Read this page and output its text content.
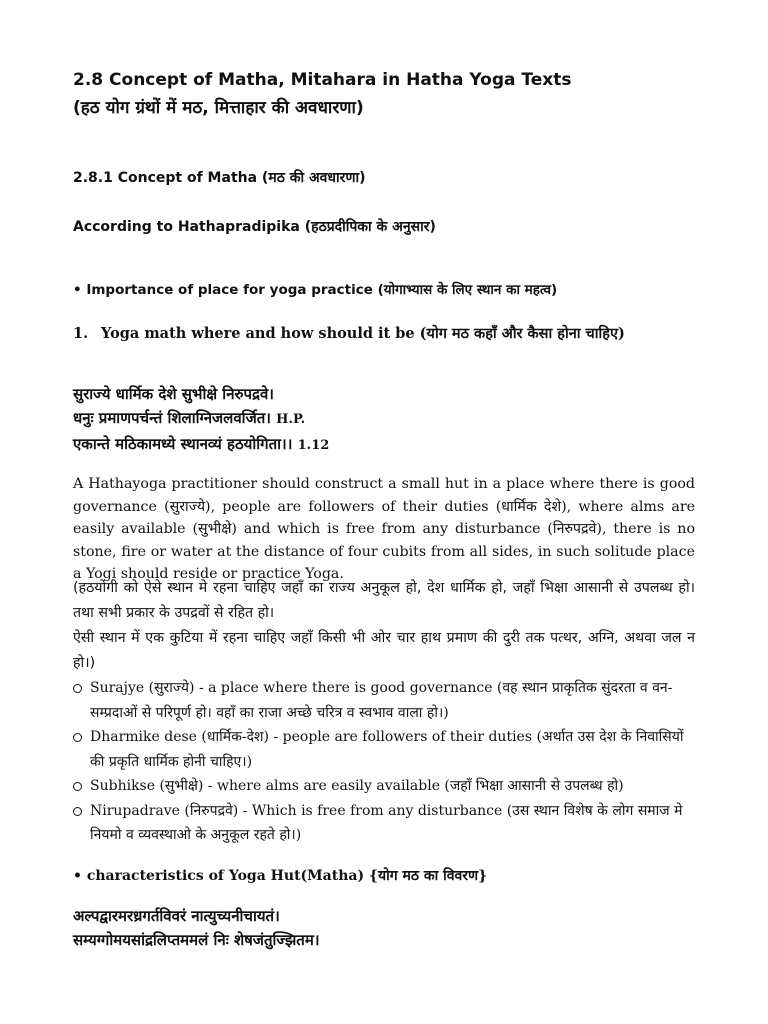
2.8 Concept of Matha, Mitahara in Hatha Yoga Texts
(हठ योग ग्रंथों में मठ, मित्ताहार की अवधारणा)
2.8.1 Concept of Matha (मठ की अवधारणा)
According to Hathapradipika (हठप्रदीपिका के अनुसार)
• Importance of place for yoga practice (योगाभ्यास के लिए स्थान का महत्व)
1. Yoga math where and how should it be (योग मठ कहाँ और कैसा होना चाहिए)
सुराज्ये धार्मिक देशे सुभीक्षे निरुपद्रवे।
धनुः प्रमाणपर्चन्तं शिलाग्निजलवर्जित। H.P.
एकान्ते मठिकामध्ये स्थानव्यं हठयोगिता।। 1.12

A Hathayoga practitioner should construct a small hut in a place where there is good governance (सुराज्ये), people are followers of their duties (धार्मिक देशे), where alms are easily available (सुभीक्षे) and which is free from any disturbance (निरुपद्रवे), there is no stone, fire or water at the distance of four cubits from all sides, in such solitude place a Yogi should reside or practice Yoga.

(हठयोगी को ऐसे स्थान मे रहना चाहिए जहाँ का राज्य अनुकूल हो, देश धार्मिक हो, जहाँ भिक्षा आसानी से उपलब्ध हो। तथा सभी प्रकार के उपद्रवों से रहित हो।

ऐसी स्थान में एक कुटिया में रहना चाहिए जहाँ किसी भी ओर चार हाथ प्रमाण की दुरी तक पत्थर, अग्नि, अथवा जल न हो।)

Surajye (सुराज्ये) - a place where there is good governance (वह स्थान प्राकृतिक सुंदरता व वन-सम्प्रदाओं से परिपूर्ण हो। वहाँ का राजा अच्छे चरित्र व स्वभाव वाला हो।)
Dharmike dese (धार्मिक-देश) - people are followers of their duties (अर्थात उस देश के निवासियों की प्रकृति धार्मिक होनी चाहिए।)
Subhikse (सुभीक्षे) - where alms are easily available (जहाँ भिक्षा आसानी से उपलब्ध हो)
Nirupadrave (निरुपद्रवे) - Which is free from any disturbance (उस स्थान विशेष के लोग समाज मे नियमो व व्यवस्थाओ के अनुकूल रहते हो।)
• characteristics of Yoga Hut(Matha) {योग मठ का विवरण}
अल्पद्वारमरध्रगर्तविवरं नात्युच्यनीचायतं।
सम्यग्गोमयसांद्रलिप्तममलं निः शेषजंतुज्झितम।
